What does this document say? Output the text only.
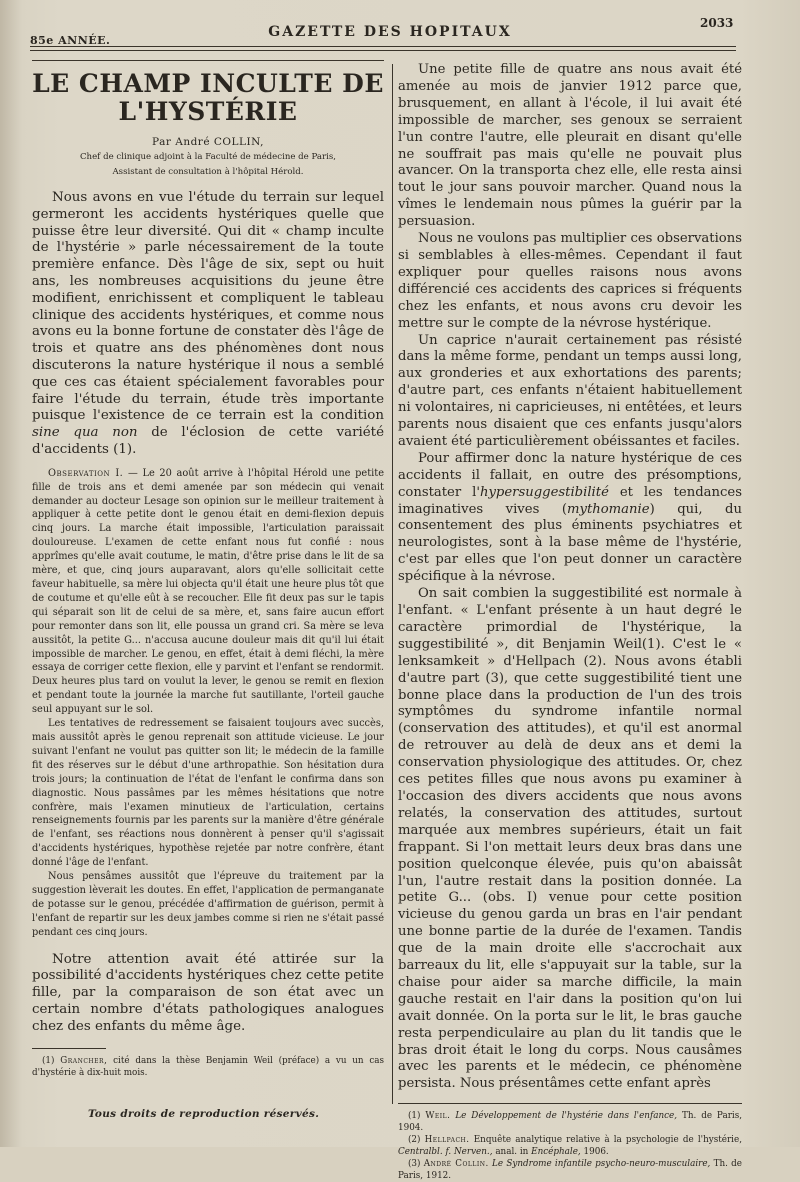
85e ANNÉE.
GAZETTE DES HOPITAUX
2033
LE CHAMP INCULTE DE L'HYSTÉRIE
Par André COLLIN,
Chef de clinique adjoint à la Faculté de médecine de Paris,
Assistant de consultation à l'hôpital Hérold.

Nous avons en vue l'étude du terrain sur lequel germeront les accidents hystériques quelle que puisse être leur diversité. Qui dit « champ inculte de l'hystérie » parle nécessairement de la toute première enfance. Dès l'âge de six, sept ou huit ans, les nombreuses acquisitions du jeune être modifient, enrichissent et compliquent le tableau clinique des accidents hystériques, et comme nous avons eu la bonne fortune de constater dès l'âge de trois et quatre ans des phénomènes dont nous discuterons la nature hystérique il nous a semblé que ces cas étaient spécialement favorables pour faire l'étude du terrain, étude très importante puisque l'existence de ce terrain est la condition sine qua non de l'éclosion de cette variété d'accidents (1).

Observation I. — Le 20 août arrive à l'hôpital Hérold une petite fille de trois ans et demi amenée par son médecin qui venait demander au docteur Lesage son opinion sur le meilleur traitement à appliquer à cette petite dont le genou était en demi-flexion depuis cinq jours. La marche était impossible, l'articulation paraissait douloureuse. L'examen de cette enfant nous fut confié : nous apprîmes qu'elle avait coutume, le matin, d'être prise dans le lit de sa mère, et que, cinq jours auparavant, alors qu'elle sollicitait cette faveur habituelle, sa mère lui objecta qu'il était une heure plus tôt que de coutume et qu'elle eût à se recoucher. Elle fit deux pas sur le tapis qui séparait son lit de celui de sa mère, et, sans faire aucun effort pour remonter dans son lit, elle poussa un grand cri. Sa mère se leva aussitôt, la petite G... n'accusa aucune douleur mais dit qu'il lui était impossible de marcher. Le genou, en effet, était à demi fléchi, la mère essaya de corriger cette flexion, elle y parvint et l'enfant se rendormit. Deux heures plus tard on voulut la lever, le genou se remit en flexion et pendant toute la journée la marche fut sautillante, l'orteil gauche seul appuyant sur le sol.

Les tentatives de redressement se faisaient toujours avec succès, mais aussitôt après le genou reprenait son attitude vicieuse. Le jour suivant l'enfant ne voulut pas quitter son lit; le médecin de la famille fit des réserves sur le début d'une arthropathie. Son hésitation dura trois jours; la continuation de l'état de l'enfant le confirma dans son diagnostic. Nous passâmes par les mêmes hésitations que notre confrère, mais l'examen minutieux de l'articulation, certains renseignements fournis par les parents sur la manière d'être générale de l'enfant, ses réactions nous donnèrent à penser qu'il s'agissait d'accidents hystériques, hypothèse rejetée par notre confrère, étant donné l'âge de l'enfant.

Nous pensâmes aussitôt que l'épreuve du traitement par la suggestion lèverait les doutes. En effet, l'application de permanganate de potasse sur le genou, précédée d'affirmation de guérison, permit à l'enfant de repartir sur les deux jambes comme si rien ne s'était passé pendant ces cinq jours.

Notre attention avait été attirée sur la possibilité d'accidents hystériques chez cette petite fille, par la comparaison de son état avec un certain nombre d'états pathologiques analogues chez des enfants du même âge.

(1) Grancher, cité dans la thèse Benjamin Weil (préface) a vu un cas d'hystérie à dix-huit mois.

Une petite fille de quatre ans nous avait été amenée au mois de janvier 1912 parce que, brusquement, en allant à l'école, il lui avait été impossible de marcher, ses genoux se serraient l'un contre l'autre, elle pleurait en disant qu'elle ne souffrait pas mais qu'elle ne pouvait plus avancer. On la transporta chez elle, elle resta ainsi tout le jour sans pouvoir marcher. Quand nous la vîmes le lendemain nous pûmes la guérir par la persuasion.

Nous ne voulons pas multiplier ces observations si semblables à elles-mêmes. Cependant il faut expliquer pour quelles raisons nous avons différencié ces accidents des caprices si fréquents chez les enfants, et nous avons cru devoir les mettre sur le compte de la névrose hystérique.

Un caprice n'aurait certainement pas résisté dans la même forme, pendant un temps aussi long, aux gronderies et aux exhortations des parents; d'autre part, ces enfants n'étaient habituellement ni volontaires, ni capricieuses, ni entêtées, et leurs parents nous disaient que ces enfants jusqu'alors avaient été particulièrement obéissantes et faciles.

Pour affirmer donc la nature hystérique de ces accidents il fallait, en outre des présomptions, constater l'hypersuggestibilité et les tendances imaginatives vives (mythomanie) qui, du consentement des plus éminents psychiatres et neurologistes, sont à la base même de l'hystérie, c'est par elles que l'on peut donner un caractère spécifique à la névrose.

On sait combien la suggestibilité est normale à l'enfant. « L'enfant présente à un haut degré le caractère primordial de l'hystérique, la suggestibilité », dit Benjamin Weil(1). C'est le « lenksamkeit » d'Hellpach (2). Nous avons établi d'autre part (3), que cette suggestibilité tient une bonne place dans la production de l'un des trois symptômes du syndrome infantile normal (conservation des attitudes), et qu'il est anormal de retrouver au delà de deux ans et demi la conservation physiologique des attitudes. Or, chez ces petites filles que nous avons pu examiner à l'occasion des divers accidents que nous avons relatés, la conservation des attitudes, surtout marquée aux membres supérieurs, était un fait frappant. Si l'on mettait leurs deux bras dans une position quelconque élevée, puis qu'on abaissât l'un, l'autre restait dans la position donnée. La petite G... (obs. I) venue pour cette position vicieuse du genou garda un bras en l'air pendant une bonne partie de la durée de l'examen. Tandis que de la main droite elle s'accrochait aux barreaux du lit, elle s'appuyait sur la table, sur la chaise pour aider sa marche difficile, la main gauche restait en l'air dans la position qu'on lui avait donnée. On la porta sur le lit, le bras gauche resta perpendiculaire au plan du lit tandis que le bras droit était le long du corps. Nous causâmes avec les parents et le médecin, ce phénomène persista. Nous présentâmes cette enfant après

(1) Weil. Le Développement de l'hystérie dans l'enfance, Th. de Paris, 1904.

(2) Hellpach. Enquête analytique relative à la psychologie de l'hystérie, Centralbl. f. Nerven., anal. in Encéphale, 1906.

(3) André Collin. Le Syndrome infantile psycho-neuro-musculaire, Th. de Paris, 1912.

Tous droits de reproduction réservés.
